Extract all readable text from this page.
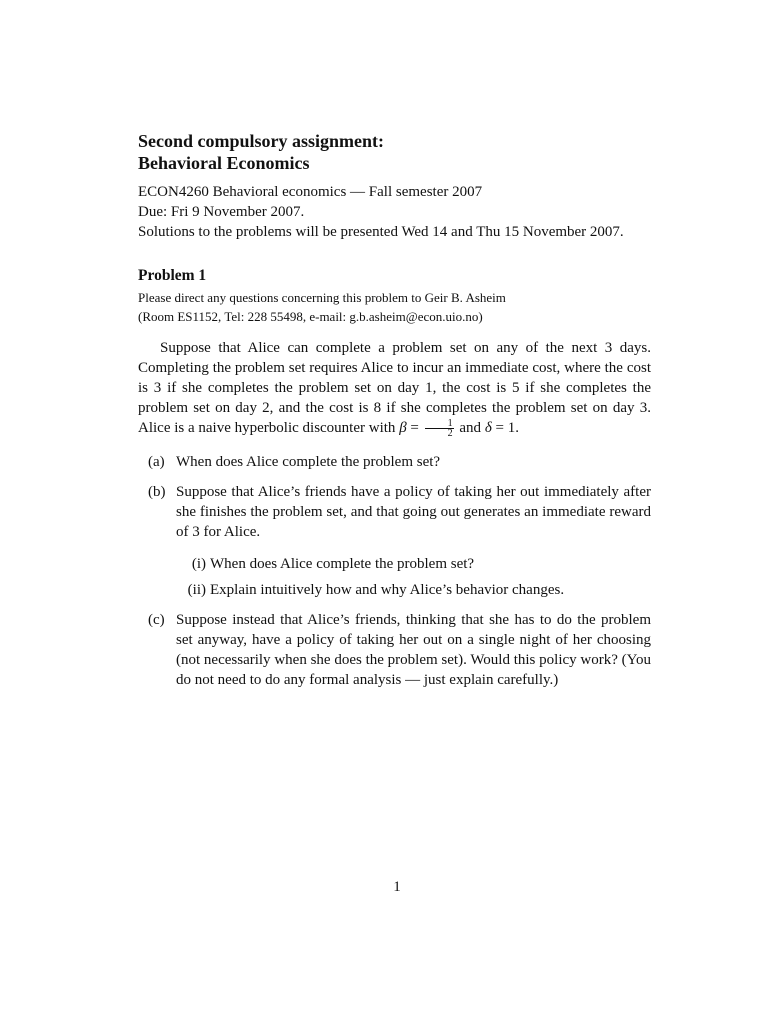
Second compulsory assignment:
Behavioral Economics
ECON4260 Behavioral economics — Fall semester 2007
Due: Fri 9 November 2007.
Solutions to the problems will be presented Wed 14 and Thu 15 November 2007.
Problem 1
Please direct any questions concerning this problem to Geir B. Asheim
(Room ES1152, Tel: 228 55498, e-mail: g.b.asheim@econ.uio.no)
Suppose that Alice can complete a problem set on any of the next 3 days. Completing the problem set requires Alice to incur an immediate cost, where the cost is 3 if she completes the problem set on day 1, the cost is 5 if she completes the problem set on day 2, and the cost is 8 if she completes the problem set on day 3. Alice is a naive hyperbolic discounter with $\beta = \frac{1}{2}$ and δ = 1.
(a) When does Alice complete the problem set?
(b) Suppose that Alice’s friends have a policy of taking her out immediately after she finishes the problem set, and that going out generates an immediate reward of 3 for Alice.
(i) When does Alice complete the problem set?
(ii) Explain intuitively how and why Alice’s behavior changes.
(c) Suppose instead that Alice’s friends, thinking that she has to do the problem set anyway, have a policy of taking her out on a single night of her choosing (not necessarily when she does the problem set). Would this policy work? (You do not need to do any formal analysis — just explain carefully.)
1
